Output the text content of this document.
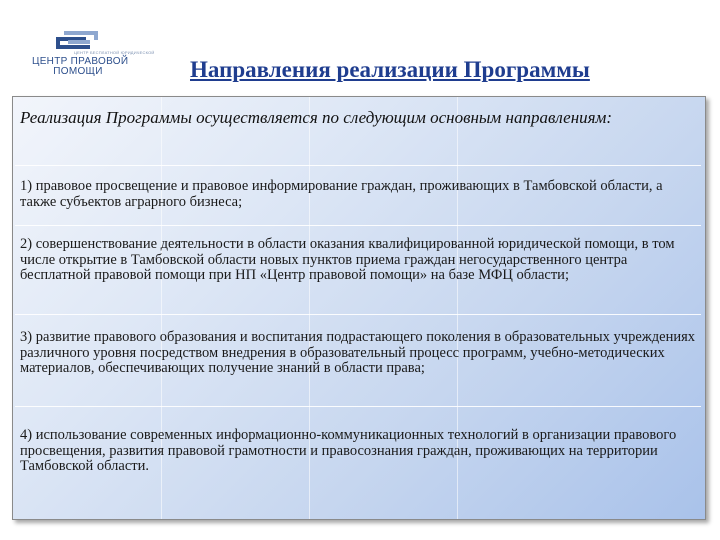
ЦЕНТР БЕСПЛАТНОЙ ЮРИДИЧЕСКОЙ
ЦЕНТР ПРАВОВОЙ
ПОМОЩИ	Направления реализации Программы
Реализация Программы осуществляется по следующим основным направлениям:
1) правовое просвещение и правовое информирование граждан, проживающих в Тамбовской области, а также субъектов аграрного бизнеса;
2) совершенствование деятельности в области оказания квалифицированной юридической помощи, в том числе открытие в Тамбовской области новых пунктов приема граждан негосударственного центра бесплатной правовой помощи при НП «Центр правовой помощи» на базе МФЦ области;
3) развитие правового образования и воспитания подрастающего поколения в образовательных учреждениях различного уровня посредством внедрения в образовательный процесс программ, учебно-методических материалов, обеспечивающих получение знаний в области права;
4) использование современных информационно-коммуникационных технологий в организации правового просвещения, развития правовой грамотности и правосознания граждан, проживающих на территории Тамбовской области.
